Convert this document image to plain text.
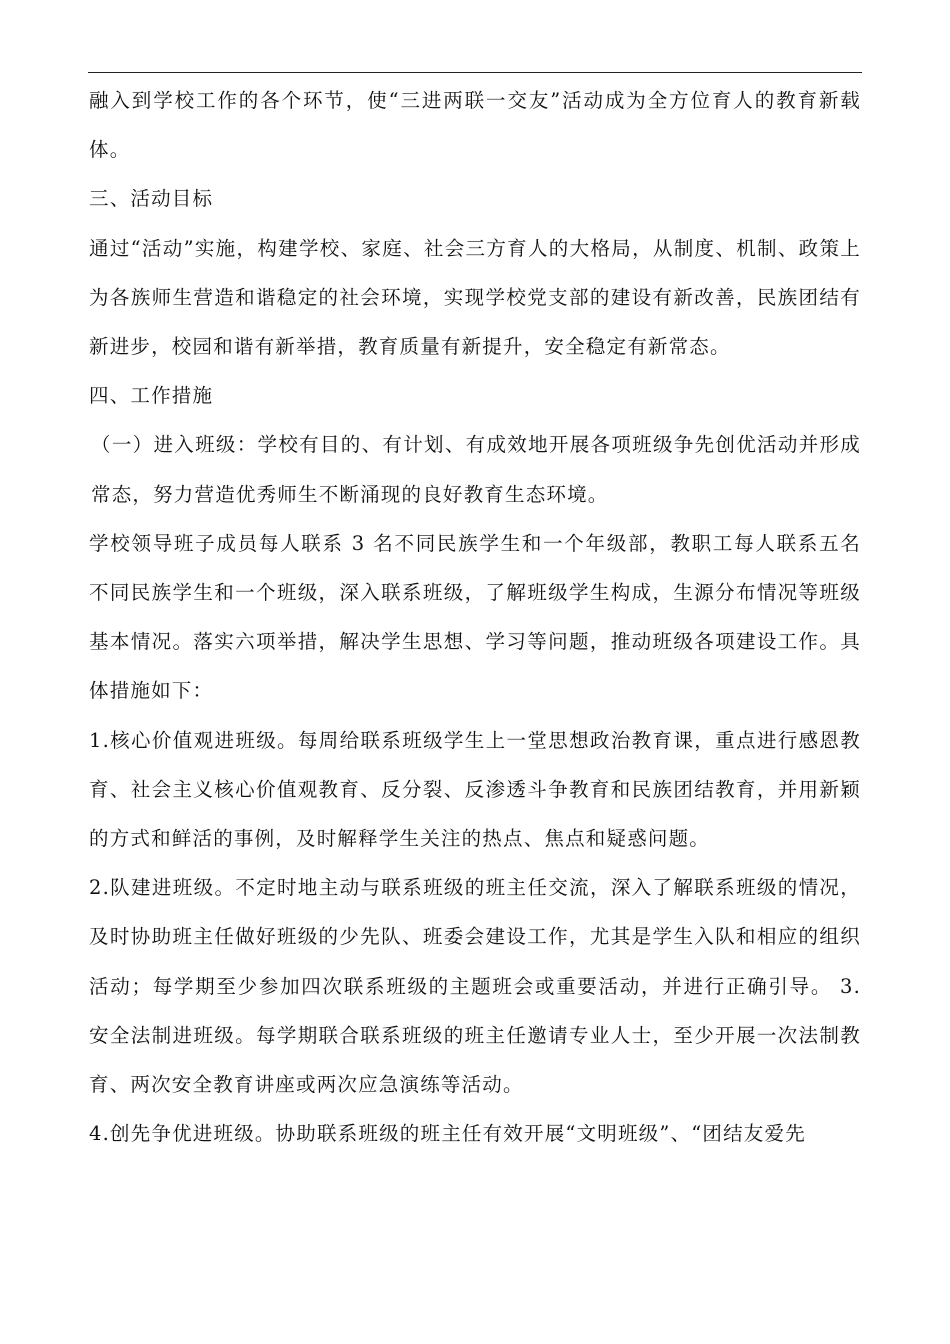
融入到学校工作的各个环节，使“三进两联一交友”活动成为全方位育人的教育新载体。

三、活动目标

通过“活动”实施，构建学校、家庭、社会三方育人的大格局，从制度、机制、政策上为各族师生营造和谐稳定的社会环境，实现学校党支部的建设有新改善，民族团结有新进步，校园和谐有新举措，教育质量有新提升，安全稳定有新常态。

四、工作措施

（一）进入班级：学校有目的、有计划、有成效地开展各项班级争先创优活动并形成常态，努力营造优秀师生不断涌现的良好教育生态环境。

学校领导班子成员每人联系 3 名不同民族学生和一个年级部，教职工每人联系五名不同民族学生和一个班级，深入联系班级，了解班级学生构成，生源分布情况等班级基本情况。落实六项举措，解决学生思想、学习等问题，推动班级各项建设工作。具体措施如下：

1.核心价值观进班级。每周给联系班级学生上一堂思想政治教育课，重点进行感恩教育、社会主义核心价值观教育、反分裂、反渗透斗争教育和民族团结教育，并用新颖的方式和鲜活的事例，及时解释学生关注的热点、焦点和疑惑问题。

2.队建进班级。不定时地主动与联系班级的班主任交流，深入了解联系班级的情况，及时协助班主任做好班级的少先队、班委会建设工作，尤其是学生入队和相应的组织活动；每学期至少参加四次联系班级的主题班会或重要活动，并进行正确引导。 3.安全法制进班级。每学期联合联系班级的班主任邀请专业人士，至少开展一次法制教育、两次安全教育讲座或两次应急演练等活动。

4.创先争优进班级。协助联系班级的班主任有效开展“文明班级”、“团结友爱先
